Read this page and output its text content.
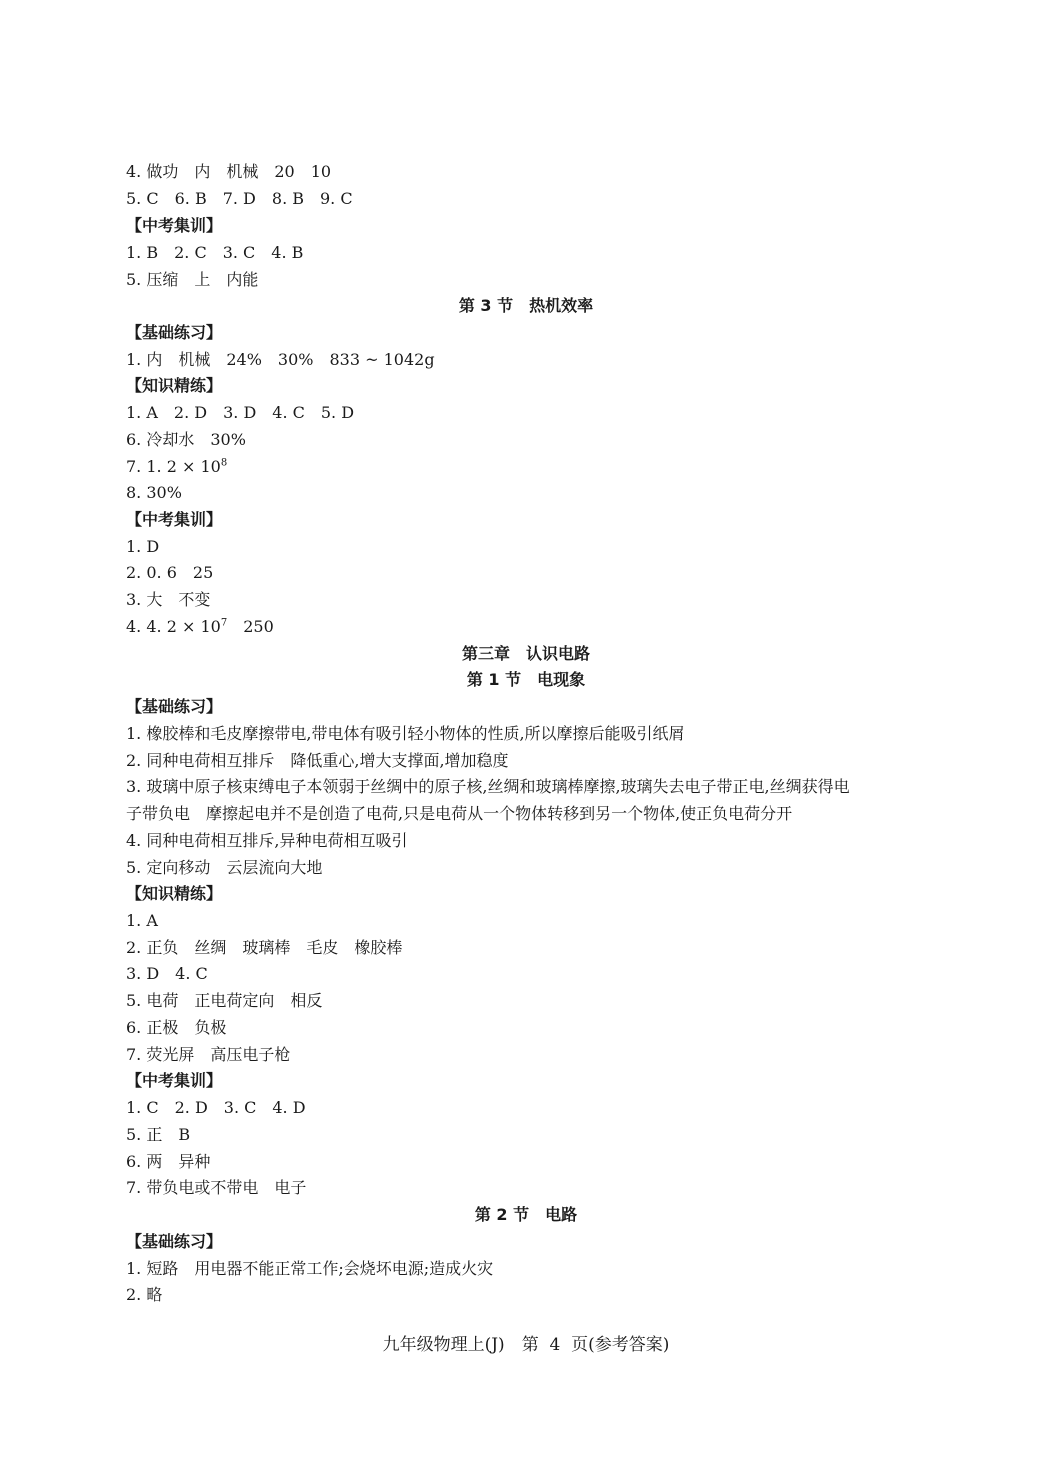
4. 做功　内　机械　20　10
5. C　6. B　7. D　8. B　9. C
【中考集训】
1. B　2. C　3. C　4. B
5. 压缩　上　内能
第 3 节　热机效率
【基础练习】
1. 内　机械　24%　30%　833 ~ 1042g
【知识精练】
1. A　2. D　3. D　4. C　5. D
6. 冷却水　30%
7. 1. $2 \times 10^8$
8. 30%
【中考集训】
1. D
2. 0. 6　25
3. 大　不变
4. 4. $2 \times 10^7$　250
第三章　认识电路
第 1 节　电现象
【基础练习】
1. 橡胶棒和毛皮摩擦带电,带电体有吸引轻小物体的性质,所以摩擦后能吸引纸屑
2. 同种电荷相互排斥　降低重心,增大支撑面,增加稳度
3. 玻璃中原子核束缚电子本领弱于丝绸中的原子核,丝绸和玻璃棒摩擦,玻璃失去电子带正电,丝绸获得电
子带负电　摩擦起电并不是创造了电荷,只是电荷从一个物体转移到另一个物体,使正负电荷分开
4. 同种电荷相互排斥,异种电荷相互吸引
5. 定向移动　云层流向大地
【知识精练】
1. A
2. 正负　丝绸　玻璃棒　毛皮　橡胶棒
3. D　4. C
5. 电荷　正电荷定向　相反
6. 正极　负极
7. 荧光屏　高压电子枪
【中考集训】
1. C　2. D　3. C　4. D
5. 正　B
6. 两　异种
7. 带负电或不带电　电子
第 2 节　电路
【基础练习】
1. 短路　用电器不能正常工作;会烧坏电源;造成火灾
2. 略
九年级物理上(J)　第  4  页(参考答案)
